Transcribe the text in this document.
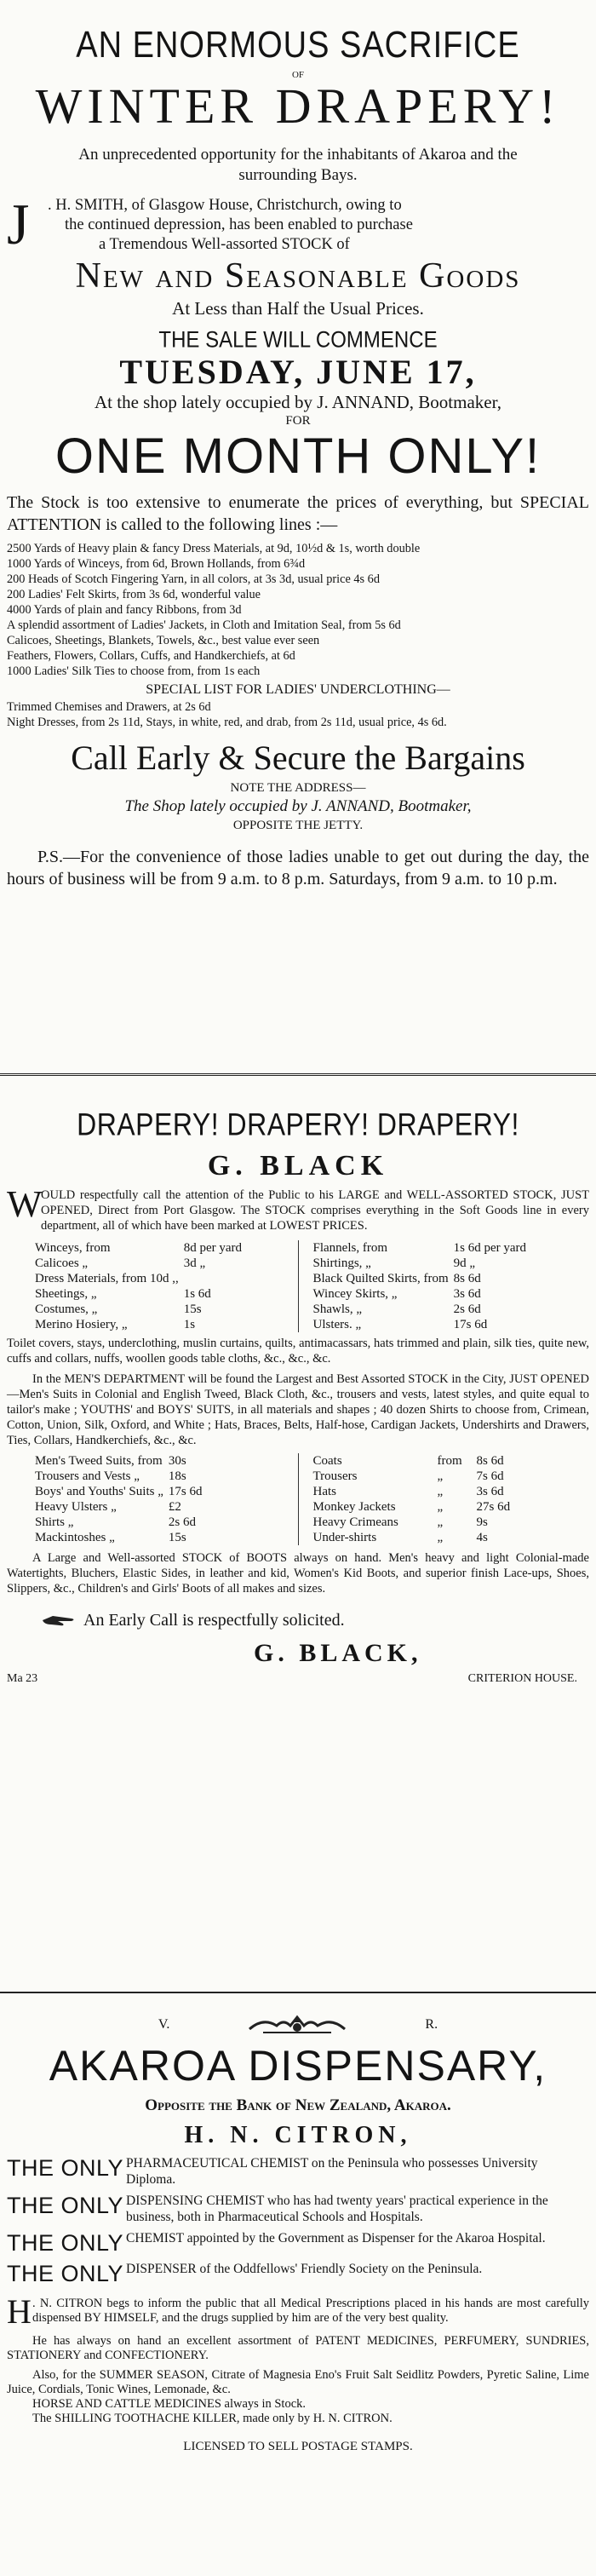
AN ENORMOUS SACRIFICE
OF
WINTER DRAPERY!
An unprecedented opportunity for the inhabitants of Akaroa and the surrounding Bays.
J	. H. SMITH, of Glasgow House, Christchurch, owing to
the continued depression, has been enabled to purchase
a Tremendous Well-assorted STOCK of
New and Seasonable Goods
At Less than Half the Usual Prices.
THE SALE WILL COMMENCE
TUESDAY, JUNE 17,
At the shop lately occupied by J. ANNAND, Bootmaker,
FOR
ONE MONTH ONLY!
The Stock is too extensive to enumerate the prices of everything, but SPECIAL ATTENTION is called to the following lines :—
2500 Yards of Heavy plain & fancy Dress Materials, at 9d, 10½d & 1s, worth double
1000 Yards of Winceys, from 6d, Brown Hollands, from 6¾d
200 Heads of Scotch Fingering Yarn, in all colors, at 3s 3d, usual price 4s 6d
200 Ladies' Felt Skirts, from 3s 6d, wonderful value
4000 Yards of plain and fancy Ribbons, from 3d
A splendid assortment of Ladies' Jackets, in Cloth and Imitation Seal, from 5s 6d
Calicoes, Sheetings, Blankets, Towels, &c., best value ever seen
Feathers, Flowers, Collars, Cuffs, and Handkerchiefs, at 6d
1000 Ladies' Silk Ties to choose from, from 1s each
SPECIAL LIST FOR LADIES' UNDERCLOTHING—
Trimmed Chemises and Drawers, at 2s 6d
Night Dresses, from 2s 11d, Stays, in white, red, and drab, from 2s 11d, usual price, 4s 6d.
Call Early & Secure the Bargains
NOTE THE ADDRESS—
The Shop lately occupied by J. ANNAND, Bootmaker,
OPPOSITE THE JETTY.
P.S.—For the convenience of those ladies unable to get out during the day, the hours of business will be from 9 a.m. to 8 p.m. Saturdays, from 9 a.m. to 10 p.m.
DRAPERY! DRAPERY! DRAPERY!
G. BLACK
W
OULD respectfully call the attention of the Public to his LARGE and WELL-ASSORTED STOCK, JUST OPENED, Direct from Port Glasgow. The STOCK comprises everything in the Soft Goods line in every department, all of which have been marked at LOWEST PRICES.
Winceys, from	8d per yard
Calicoes „	3d „
Dress Materials, from 10d ,,	
Sheetings, „	1s 6d
Costumes, „	15s
Merino Hosiery, „	1s
Flannels, from	1s 6d per yard
Shirtings, „	9d „
Black Quilted Skirts, from	8s 6d
Wincey Skirts, „	3s 6d
Shawls, „	2s 6d
Ulsters. „	17s 6d
Toilet covers, stays, underclothing, muslin curtains, quilts, antimacassars, hats trimmed and plain, silk ties, quite new, cuffs and collars, nuffs, woollen goods table cloths, &c., &c., &c.
In the MEN'S DEPARTMENT will be found the Largest and Best Assorted STOCK in the City, JUST OPENED—Men's Suits in Colonial and English Tweed, Black Cloth, &c., trousers and vests, latest styles, and quite equal to tailor's make ; YOUTHS' and BOYS' SUITS, in all materials and shapes ; 40 dozen Shirts to choose from, Crimean, Cotton, Union, Silk, Oxford, and White ; Hats, Braces, Belts, Half-hose, Cardigan Jackets, Undershirts and Drawers, Ties, Collars, Handkerchiefs, &c., &c.
Men's Tweed Suits, from	30s
Trousers and Vests „	18s
Boys' and Youths' Suits „	17s 6d
Heavy Ulsters „	£2
Shirts „	2s 6d
Mackintoshes „	15s
Coats	from	8s 6d
Trousers	„	7s 6d
Hats	„	3s 6d
Monkey Jackets	„	27s 6d
Heavy Crimeans	„	9s
Under-shirts	„	4s
A Large and Well-assorted STOCK of BOOTS always on hand. Men's heavy and light Colonial-made Watertights, Bluchers, Elastic Sides, in leather and kid, Women's Kid Boots, and superior finish Lace-ups, Shoes, Slippers, &c., Children's and Girls' Boots of all makes and sizes.
An Early Call is respectfully solicited.
G. BLACK,
Ma 23	CRITERION HOUSE.
V.	R.
AKAROA DISPENSARY,
Opposite the Bank of New Zealand, Akaroa.
H. N. CITRON,
THE ONLY PHARMACEUTICAL CHEMIST on the Peninsula who possesses University Diploma.
THE ONLY DISPENSING CHEMIST who has had twenty years' practical experience in the business, both in Pharmaceutical Schools and Hospitals.
THE ONLY CHEMIST appointed by the Government as Dispenser for the Akaroa Hospital.
THE ONLY DISPENSER of the Oddfellows' Friendly Society on the Peninsula.
H . N. CITRON begs to inform the public that all Medical Prescriptions placed in his hands are most carefully dispensed BY HIMSELF, and the drugs supplied by him are of the very best quality.
He has always on hand an excellent assortment of PATENT MEDICINES, PERFUMERY, SUNDRIES, STATIONERY and CONFECTIONERY.
Also, for the SUMMER SEASON, Citrate of Magnesia Eno's Fruit Salt Seidlitz Powders, Pyretic Saline, Lime Juice, Cordials, Tonic Wines, Lemonade, &c.
HORSE AND CATTLE MEDICINES always in Stock.
The SHILLING TOOTHACHE KILLER, made only by H. N. CITRON.
LICENSED TO SELL POSTAGE STAMPS.
